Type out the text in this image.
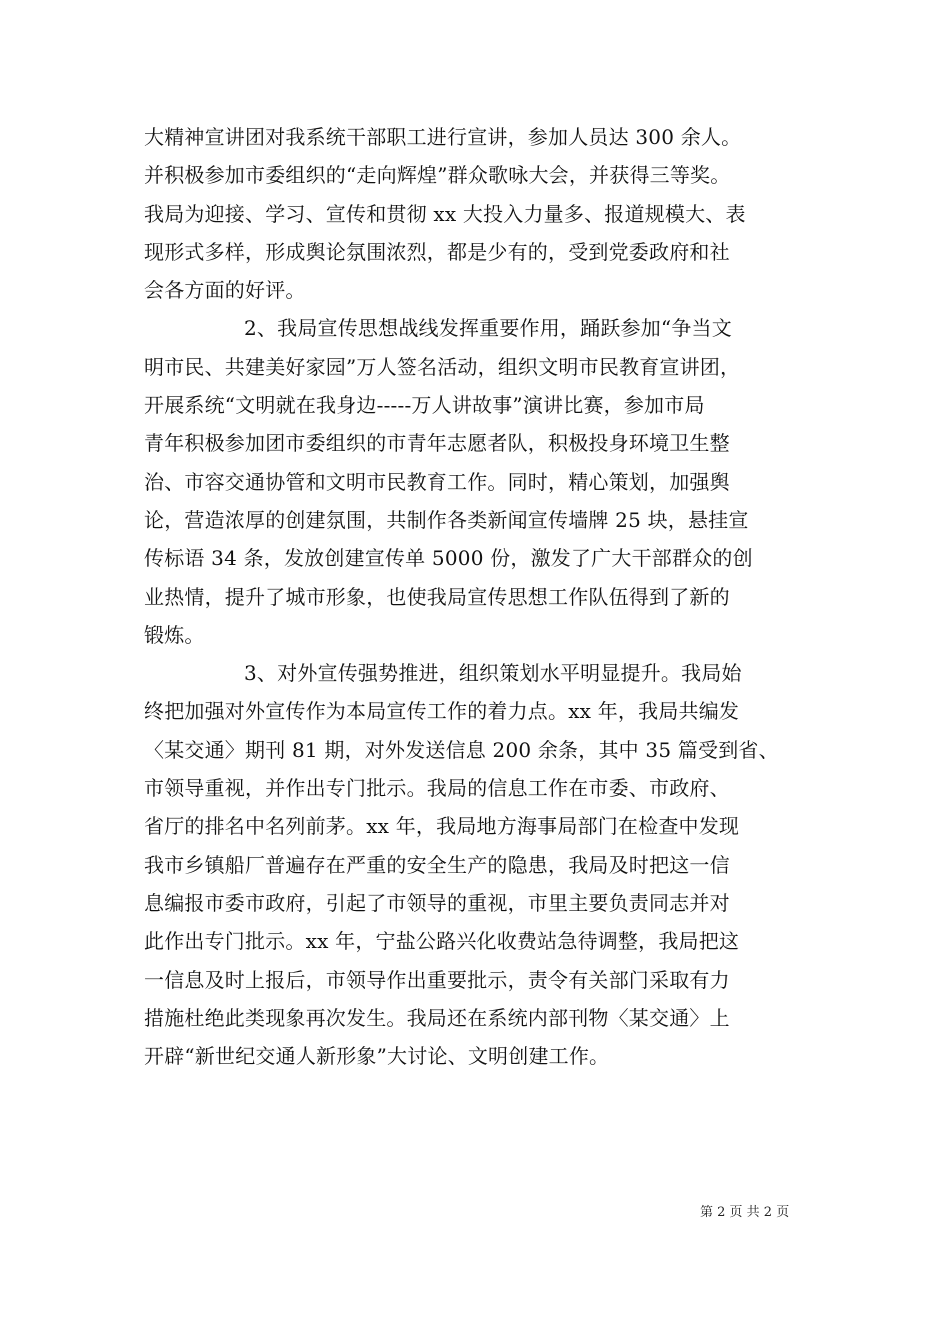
大精神宣讲团对我系统干部职工进行宣讲，参加人员达 300 余人。
并积极参加市委组织的“走向辉煌”群众歌咏大会，并获得三等奖。
我局为迎接、学习、宣传和贯彻 xx 大投入力量多、报道规模大、表
现形式多样，形成舆论氛围浓烈，都是少有的，受到党委政府和社
会各方面的好评。
2、我局宣传思想战线发挥重要作用，踊跃参加“争当文
明市民、共建美好家园”万人签名活动，组织文明市民教育宣讲团，
开展系统“文明就在我身边-----万人讲故事”演讲比赛，参加市局
青年积极参加团市委组织的市青年志愿者队，积极投身环境卫生整
治、市容交通协管和文明市民教育工作。同时，精心策划，加强舆
论，营造浓厚的创建氛围，共制作各类新闻宣传墙牌 25 块，悬挂宣
传标语 34 条，发放创建宣传单 5000 份，激发了广大干部群众的创
业热情，提升了城市形象，也使我局宣传思想工作队伍得到了新的
锻炼。
3、对外宣传强势推进，组织策划水平明显提升。我局始
终把加强对外宣传作为本局宣传工作的着力点。xx 年，我局共编发
〈某交通〉期刊 81 期，对外发送信息 200 余条，其中 35 篇受到省、
市领导重视，并作出专门批示。我局的信息工作在市委、市政府、
省厅的排名中名列前茅。xx 年，我局地方海事局部门在检查中发现
我市乡镇船厂普遍存在严重的安全生产的隐患，我局及时把这一信
息编报市委市政府，引起了市领导的重视，市里主要负责同志并对
此作出专门批示。xx 年，宁盐公路兴化收费站急待调整，我局把这
一信息及时上报后，市领导作出重要批示，责令有关部门采取有力
措施杜绝此类现象再次发生。我局还在系统内部刊物〈某交通〉上
开辟“新世纪交通人新形象”大讨论、文明创建工作。
第 2 页 共 2 页
